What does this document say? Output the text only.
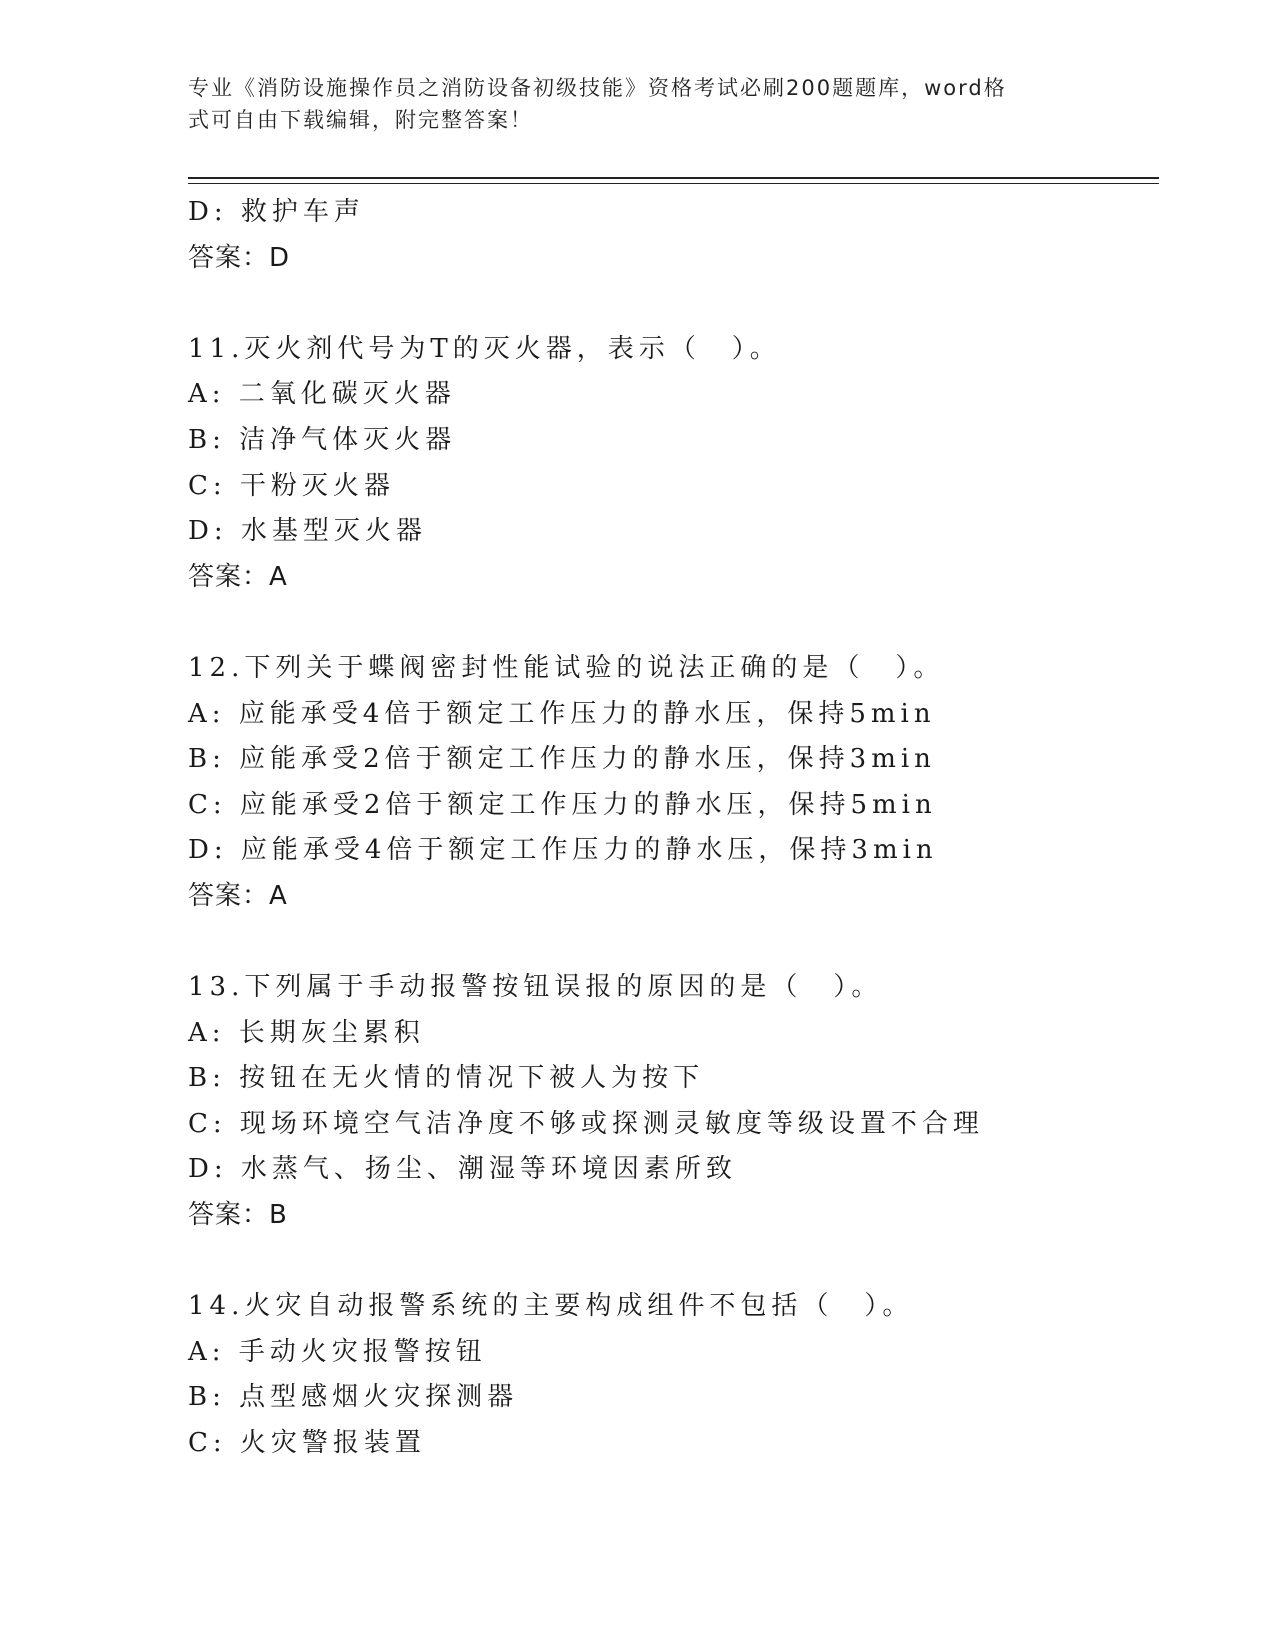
专业《消防设施操作员之消防设备初级技能》资格考试必刷200题题库，word格
式可自由下载编辑，附完整答案！
D: 救护车声
答案：D
11.灭火剂代号为T的灭火器，表示（　）。
A: 二氧化碳灭火器
B: 洁净气体灭火器
C: 干粉灭火器
D: 水基型灭火器
答案：A
12.下列关于蝶阀密封性能试验的说法正确的是（　）。
A: 应能承受4倍于额定工作压力的静水压，保持5min
B: 应能承受2倍于额定工作压力的静水压，保持3min
C: 应能承受2倍于额定工作压力的静水压，保持5min
D: 应能承受4倍于额定工作压力的静水压，保持3min
答案：A
13.下列属于手动报警按钮误报的原因的是（　）。
A: 长期灰尘累积
B: 按钮在无火情的情况下被人为按下
C: 现场环境空气洁净度不够或探测灵敏度等级设置不合理
D: 水蒸气、扬尘、潮湿等环境因素所致
答案：B
14.火灾自动报警系统的主要构成组件不包括（　）。
A: 手动火灾报警按钮
B: 点型感烟火灾探测器
C: 火灾警报装置
